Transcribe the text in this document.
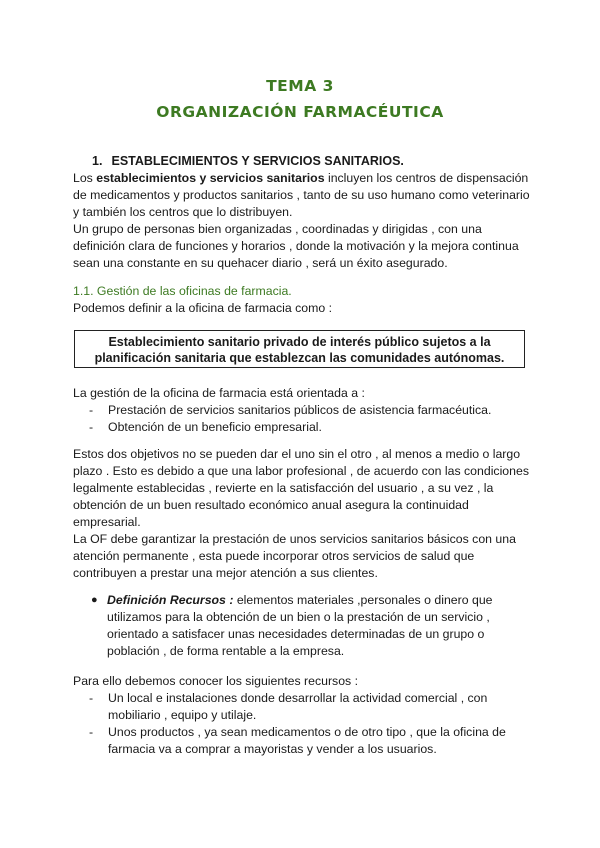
TEMA 3
ORGANIZACIÓN FARMACÉUTICA
1. ESTABLECIMIENTOS Y SERVICIOS SANITARIOS.

Los establecimientos y servicios sanitarios incluyen los centros de dispensación de medicamentos y productos sanitarios , tanto de su uso humano como veterinario y también los centros que lo distribuyen.

Un grupo de personas bien organizadas , coordinadas y dirigidas , con una definición clara de funciones y horarios , donde la motivación y la mejora continua sean una constante en su quehacer diario , será un éxito asegurado.

1.1. Gestión de las oficinas de farmacia.

Podemos definir a la oficina de farmacia como :

Establecimiento sanitario privado de interés público sujetos a la planificación sanitaria que establezcan las comunidades autónomas.

La gestión de la oficina de farmacia está orientada a :

- Prestación de servicios sanitarios públicos de asistencia farmacéutica.
- Obtención de un beneficio empresarial.

Estos dos objetivos no se pueden dar el uno sin el otro , al menos a medio o largo plazo . Esto es debido a que una labor profesional , de acuerdo con las condiciones legalmente establecidas , revierte en la satisfacción del usuario , a su vez , la obtención de un buen resultado económico anual asegura la continuidad empresarial.

La OF debe garantizar la prestación de unos servicios sanitarios básicos con una atención permanente , esta puede incorporar otros servicios de salud que contribuyen a prestar una mejor atención a sus clientes.

● Definición Recursos : elementos materiales ,personales o dinero que utilizamos para la obtención de un bien o la prestación de un servicio , orientado a satisfacer unas necesidades determinadas de un grupo o población , de forma rentable a la empresa.

Para ello debemos conocer los siguientes recursos :

- Un local e instalaciones donde desarrollar la actividad comercial , con mobiliario , equipo y utilaje.
- Unos productos , ya sean medicamentos o de otro tipo , que la oficina de farmacia va a comprar a mayoristas y vender a los usuarios.
